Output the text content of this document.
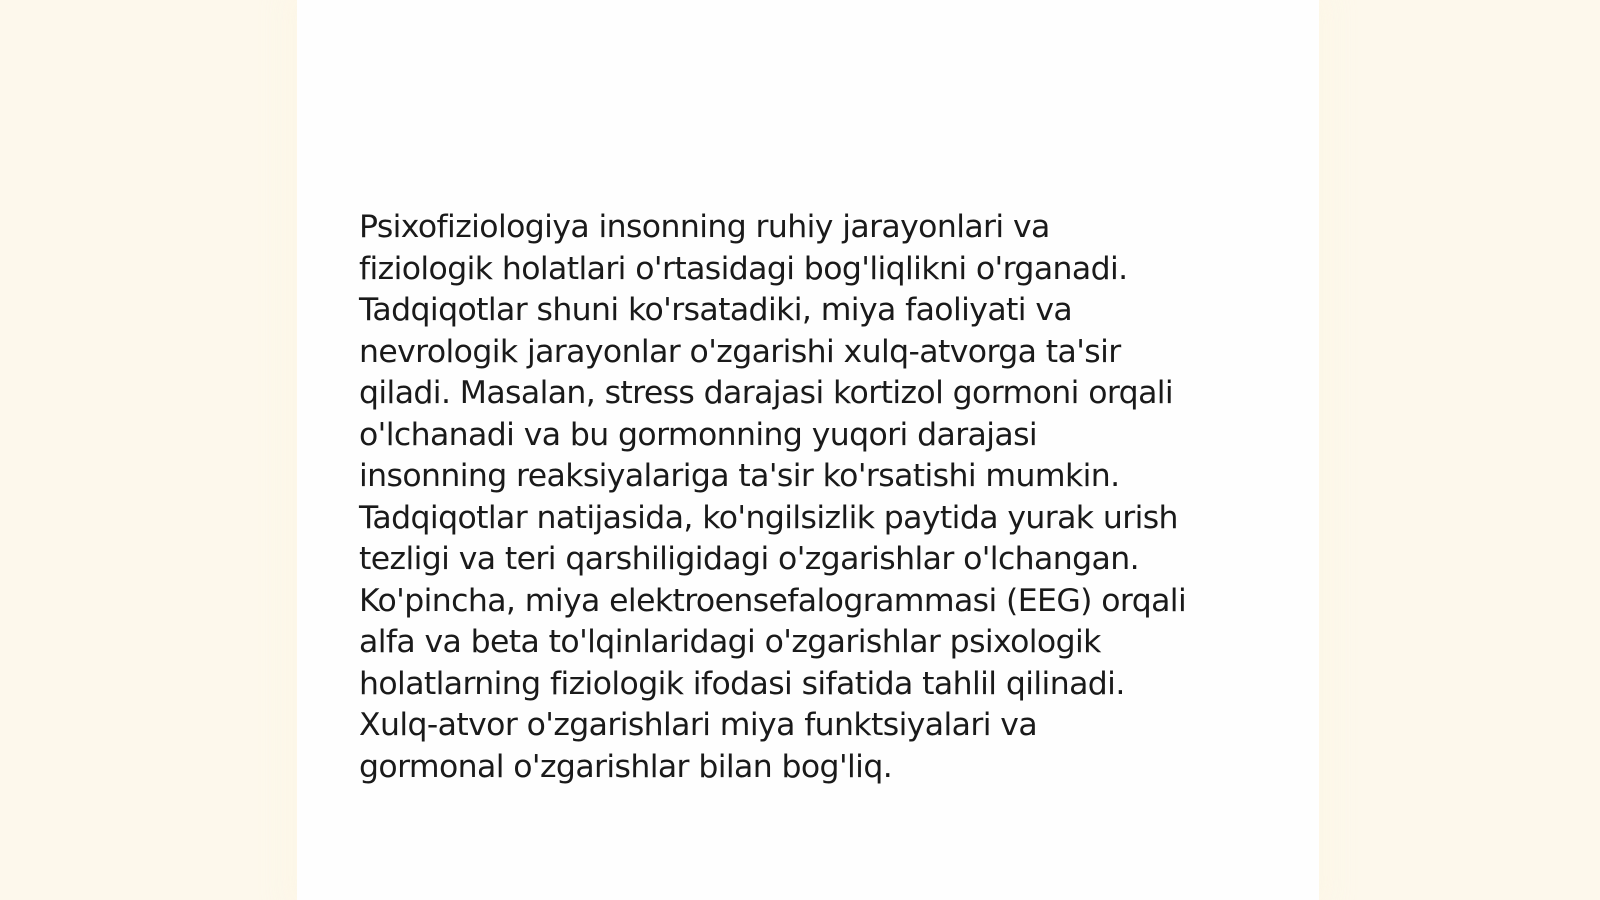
Psixofiziologiya insonning ruhiy jarayonlari va
fiziologik holatlari o'rtasidagi bog'liqlikni o'rganadi.
Tadqiqotlar shuni ko'rsatadiki, miya faoliyati va
nevrologik jarayonlar o'zgarishi xulq-atvorga ta'sir
qiladi. Masalan, stress darajasi kortizol gormoni orqali
o'lchanadi va bu gormonning yuqori darajasi
insonning reaksiyalariga ta'sir ko'rsatishi mumkin.
Tadqiqotlar natijasida, ko'ngilsizlik paytida yurak urish
tezligi va teri qarshiligidagi o'zgarishlar o'lchangan.
Ko'pincha, miya elektroensefalogrammasi (EEG) orqali
alfa va beta to'lqinlaridagi o'zgarishlar psixologik
holatlarning fiziologik ifodasi sifatida tahlil qilinadi.
Xulq-atvor o'zgarishlari miya funktsiyalari va
gormonal o'zgarishlar bilan bog'liq.
